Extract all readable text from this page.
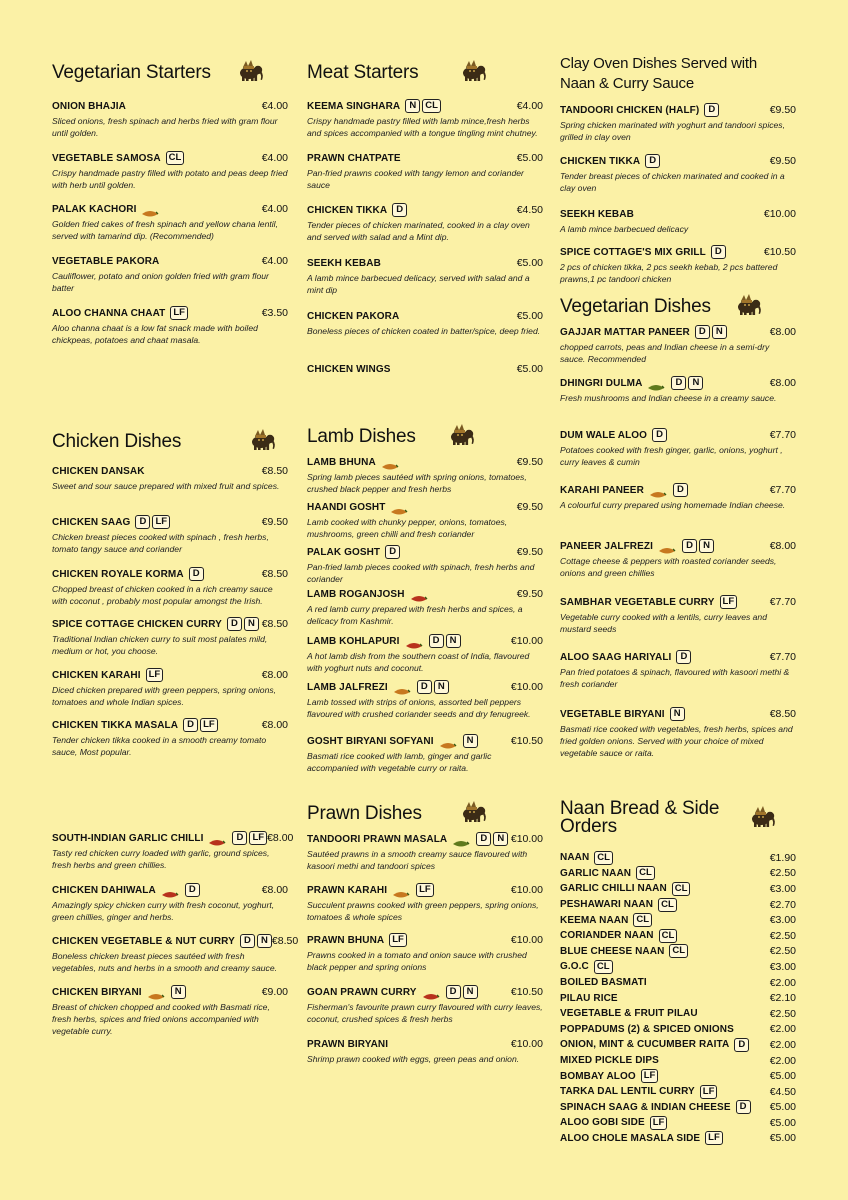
Vegetarian Starters
ONION BHAJIA	€4.00
Sliced onions, fresh spinach and herbs fried with gram flour until golden.
VEGETABLE SAMOSA CL	€4.00
Crispy handmade pastry filled with potato and peas deep fried with herb until golden.
PALAK KACHORI	€4.00
Golden fried cakes of fresh spinach and yellow chana lentil, served with tamarind dip. (Recommended)
VEGETABLE PAKORA	€4.00
Cauliflower, potato and onion golden fried with gram flour batter
ALOO CHANNA CHAAT LF	€3.50
Aloo channa chaat is a low fat snack made with boiled chickpeas, potatoes and chaat masala.
Meat Starters
KEEMA SINGHARA N CL	€4.00
Crispy handmade pastry filled with lamb mince,fresh herbs and spices accompanied with a tongue tingling mint chutney.
PRAWN CHATPATE	€5.00
Pan-fried prawns cooked with tangy lemon and coriander sauce
CHICKEN TIKKA D	€4.50
Tender pieces of chicken marinated, cooked in a clay oven and served with salad and a Mint dip.
SEEKH KEBAB	€5.00
A lamb mince barbecued delicacy, served with salad and a mint dip
CHICKEN PAKORA	€5.00
Boneless pieces of chicken coated in batter/spice, deep fried.
CHICKEN WINGS	€5.00
Clay Oven Dishes Served with Naan & Curry Sauce
TANDOORI CHICKEN (HALF) D	€9.50
Spring chicken marinated with yoghurt and tandoori spices, grilled in clay oven
CHICKEN TIKKA D	€9.50
Tender breast pieces of chicken marinated and cooked in a clay oven
SEEKH KEBAB	€10.00
A lamb mince barbecued delicacy
SPICE COTTAGE'S MIX GRILL D	€10.50
2 pcs of chicken tikka, 2 pcs seekh kebab, 2 pcs battered prawns,1 pc tandoori chicken
Vegetarian Dishes
GAJJAR MATTAR PANEER D	N	€8.00
chopped carrots, peas and Indian cheese in a semi-dry sauce. Recommended
DHINGRI DULMA	D	N	€8.00
Fresh mushrooms and Indian cheese in a creamy sauce.
DUM WALE ALOO D	€7.70
Potatoes cooked with fresh ginger, garlic, onions, yoghurt , curry leaves & cumin
KARAHI PANEER	D	€7.70
A colourful curry prepared using homemade Indian cheese.
PANEER JALFREZI	D	N	€8.00
Cottage cheese & peppers with roasted coriander seeds, onions and green chillies
SAMBHAR VEGETABLE CURRY LF	€7.70
Vegetable curry cooked with a lentils, curry leaves and mustard seeds
ALOO SAAG HARIYALI D	€7.70
Pan fried potatoes & spinach, flavoured with kasoori methi & fresh coriander
VEGETABLE BIRYANI N	€8.50
Basmati rice cooked with vegetables, fresh herbs, spices and fried golden onions. Served with your choice of mixed vegetable sauce or raita.
Chicken Dishes
CHICKEN DANSAK	€8.50
Sweet and sour sauce prepared with mixed fruit and spices.
CHICKEN SAAG D LF	€9.50
Chicken breast pieces cooked with spinach , fresh herbs, tomato tangy sauce and coriander
CHICKEN ROYALE KORMA D	€8.50
Chopped breast of chicken cooked in a rich creamy sauce with coconut , probably most popular amongst the Irish.
SPICE COTTAGE CHICKEN CURRY D	N €8.50
Traditional Indian chicken curry to suit most palates mild, medium or hot, you choose.
CHICKEN KARAHI LF	€8.00
Diced chicken prepared with green peppers, spring onions, tomatoes and whole Indian spices.
CHICKEN TIKKA MASALA D LF	€8.00
Tender chicken tikka cooked in a smooth creamy tomato sauce, Most popular.
SOUTH-INDIAN GARLIC CHILLI	D LF €8.00
Tasty red chicken curry loaded with garlic, ground spices, fresh herbs and green chillies.
CHICKEN DAHIWALA	D	€8.00
Amazingly spicy chicken curry with fresh coconut, yoghurt, green chillies, ginger and herbs.
CHICKEN VEGETABLE & NUT CURRY D	N €8.50
Boneless chicken breast pieces sautéed with fresh vegetables, nuts and herbs in a smooth and creamy sauce.
CHICKEN BIRYANI	N	€9.00
Breast of chicken chopped and cooked with Basmati rice, fresh herbs, spices and fried onions accompanied with vegetable curry.
Lamb Dishes
LAMB BHUNA	€9.50
Spring lamb pieces sautéed with spring onions, tomatoes, crushed black pepper and fresh herbs
HAANDI GOSHT	€9.50
Lamb cooked with chunky pepper, onions, tomatoes, mushrooms, green chilli and fresh coriander
PALAK GOSHT D	€9.50
Pan-fried lamb pieces cooked with spinach, fresh herbs and coriander
LAMB ROGANJOSH	€9.50
A red lamb curry prepared with fresh herbs and spices, a delicacy from Kashmir.
LAMB KOHLAPURI	D	N	€10.00
A hot lamb dish from the southern coast of India, flavoured with yoghurt nuts and coconut.
LAMB JALFREZI	D	N	€10.00
Lamb tossed with strips of onions, assorted bell peppers flavoured with crushed coriander seeds and dry fenugreek.
GOSHT BIRYANI SOFYANI	N	€10.50
Basmati rice cooked with lamb, ginger and garlic accompanied with vegetable curry or raita.
Prawn Dishes
TANDOORI PRAWN MASALA	D	N €10.00
Sautéed prawns in a smooth creamy sauce flavoured with kasoori methi and tandoori spices
PRAWN KARAHI	LF	€10.00
Succulent prawns cooked with green peppers, spring onions, tomatoes & whole spices
PRAWN BHUNA LF	€10.00
Prawns cooked in a tomato and onion sauce with crushed black pepper and spring onions
GOAN PRAWN CURRY	D	N	€10.50
Fisherman's favourite prawn curry flavoured with curry leaves, coconut, crushed spices & fresh herbs
PRAWN BIRYANI	€10.00
Shrimp prawn cooked with eggs, green peas and onion.
Naan Bread & Side Orders
NAAN CL	€1.90
GARLIC NAAN CL	€2.50
GARLIC CHILLI NAAN CL	€3.00
PESHAWARI NAAN CL	€2.70
KEEMA NAAN CL	€3.00
CORIANDER NAAN CL	€2.50
BLUE CHEESE NAAN CL	€2.50
G.O.C CL	€3.00
BOILED BASMATI	€2.00
PILAU RICE	€2.10
VEGETABLE & FRUIT PILAU	€2.50
POPPADUMS (2) & SPICED ONIONS	€2.00
ONION, MINT & CUCUMBER RAITA D	€2.00
MIXED PICKLE DIPS	€2.00
BOMBAY ALOO LF	€5.00
TARKA DAL LENTIL CURRY LF	€4.50
SPINACH SAAG & INDIAN CHEESE D	€5.00
ALOO GOBI SIDE LF	€5.00
ALOO CHOLE MASALA SIDE LF	€5.00
